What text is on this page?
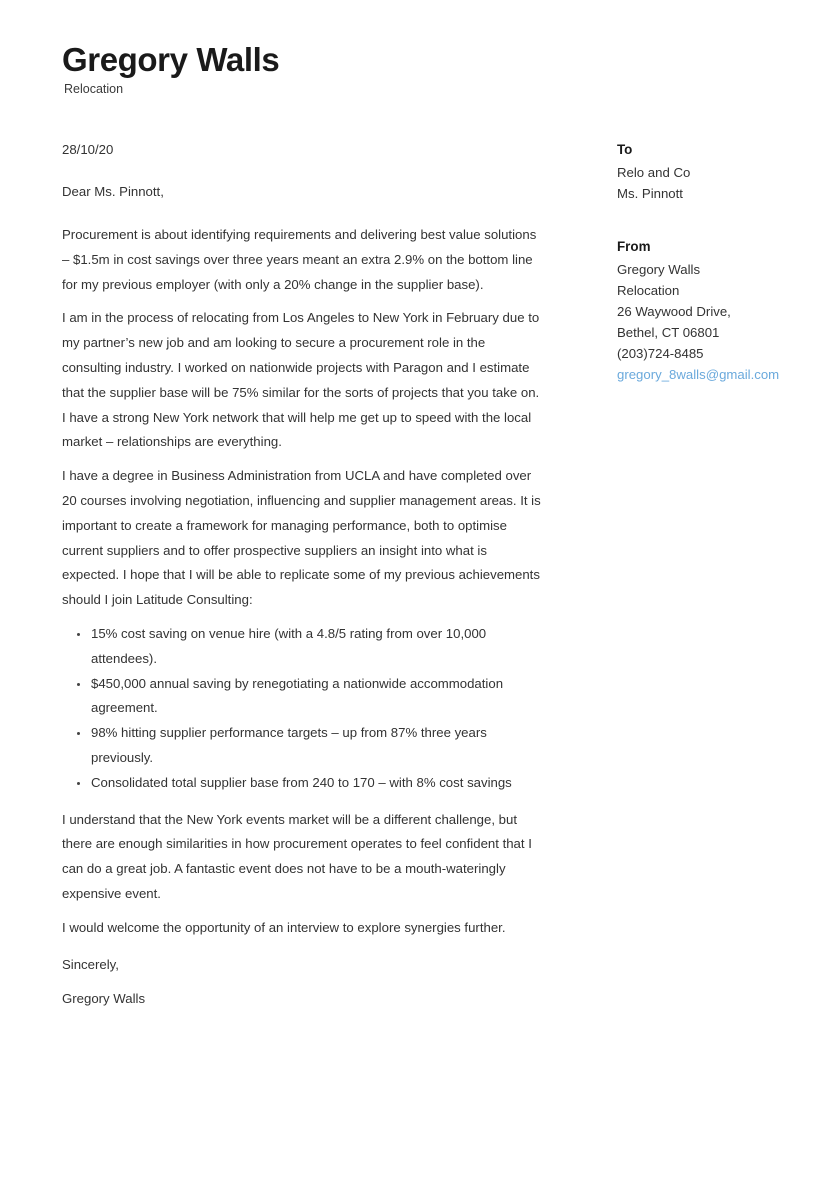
Gregory Walls
Relocation
28/10/20
Dear Ms. Pinnott,

Procurement is about identifying requirements and delivering best value solutions – $1.5m in cost savings over three years meant an extra 2.9% on the bottom line for my previous employer (with only a 20% change in the supplier base).

I am in the process of relocating from Los Angeles to New York in February due to my partner’s new job and am looking to secure a procurement role in the consulting industry. I worked on nationwide projects with Paragon and I estimate that the supplier base will be 75% similar for the sorts of projects that you take on. I have a strong New York network that will help me get up to speed with the local market – relationships are everything.

I have a degree in Business Administration from UCLA and have completed over 20 courses involving negotiation, influencing and supplier management areas. It is important to create a framework for managing performance, both to optimise current suppliers and to offer prospective suppliers an insight into what is expected. I hope that I will be able to replicate some of my previous achievements should I join Latitude Consulting:

15% cost saving on venue hire (with a 4.8/5 rating from over 10,000 attendees).
$450,000 annual saving by renegotiating a nationwide accommodation agreement.
98% hitting supplier performance targets – up from 87% three years previously.
Consolidated total supplier base from 240 to 170 – with 8% cost savings

I understand that the New York events market will be a different challenge, but there are enough similarities in how procurement operates to feel confident that I can do a great job. A fantastic event does not have to be a mouth-wateringly expensive event.

I would welcome the opportunity of an interview to explore synergies further.

Sincerely,
Gregory Walls
To
Relo and Co
Ms. Pinnott
From
Gregory Walls
Relocation
26 Waywood Drive,
Bethel, CT 06801
(203)724-8485
gregory_8walls@gmail.com
